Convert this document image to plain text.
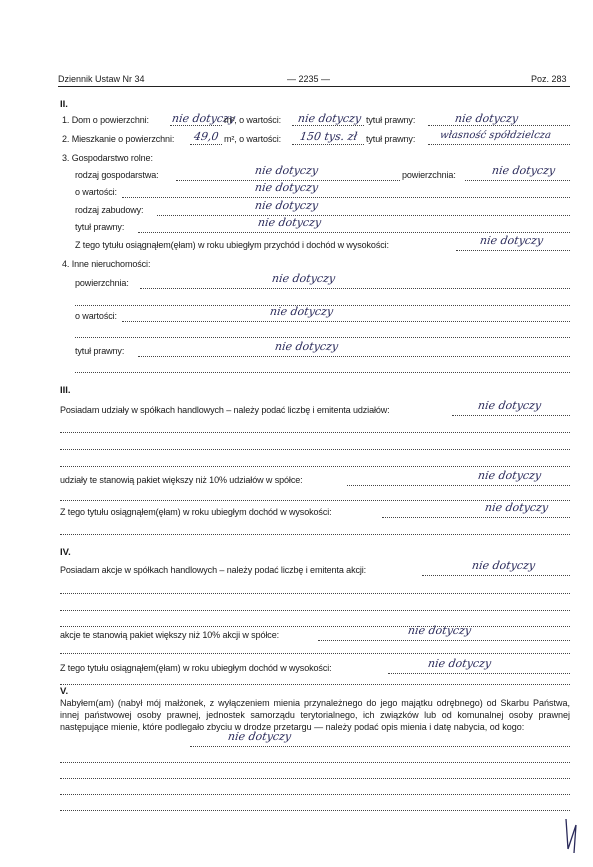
Dziennik Ustaw Nr 34	— 2235 —	Poz. 283
II.
1. Dom o powierzchni: nie dotyczy
m², o wartości: nie dotyczy tytuł prawny:	nie dotyczy
2. Mieszkanie o powierzchni: 49,0 m², o wartości: 150 tys. zł tytuł prawny: własność spółdzielcza
3. Gospodarstwo rolne:
rodzaj gospodarstwa:	nie dotyczy	powierzchnia:	nie dotyczy
o wartości:	nie dotyczy
rodzaj zabudowy:	nie dotyczy
tytuł prawny:	nie dotyczy
Z tego tytułu osiągnąłem(ęłam) w roku ubiegłym przychód i dochód w wysokości:	nie dotyczy
4. Inne nieruchomości:
powierzchnia:	nie dotyczy
o wartości:	nie dotyczy
tytuł prawny:	nie dotyczy
III.
Posiadam udziały w spółkach handlowych – należy podać liczbę i emitenta udziałów:	nie dotyczy
udziały te stanowią pakiet większy niż 10% udziałów w spółce:	nie dotyczy
Z tego tytułu osiągnąłem(ęłam) w roku ubiegłym dochód w wysokości:	nie dotyczy
IV.
Posiadam akcje w spółkach handlowych – należy podać liczbę i emitenta akcji:	nie dotyczy
akcje te stanowią pakiet większy niż 10% akcji w spółce:	nie dotyczy
Z tego tytułu osiągnąłem(ęłam) w roku ubiegłym dochód w wysokości:	nie dotyczy
V.
Nabyłem(am) (nabył mój małżonek, z wyłączeniem mienia przynależnego do jego majątku odrębnego) od Skarbu Państwa, innej państwowej osoby prawnej, jednostek samorządu terytorialnego, ich związków lub od komunalnej osoby prawnej następujące mienie, które podlegało zbyciu w drodze przetargu — należy podać opis mienia i datę nabycia, od kogo:
nie dotyczy
